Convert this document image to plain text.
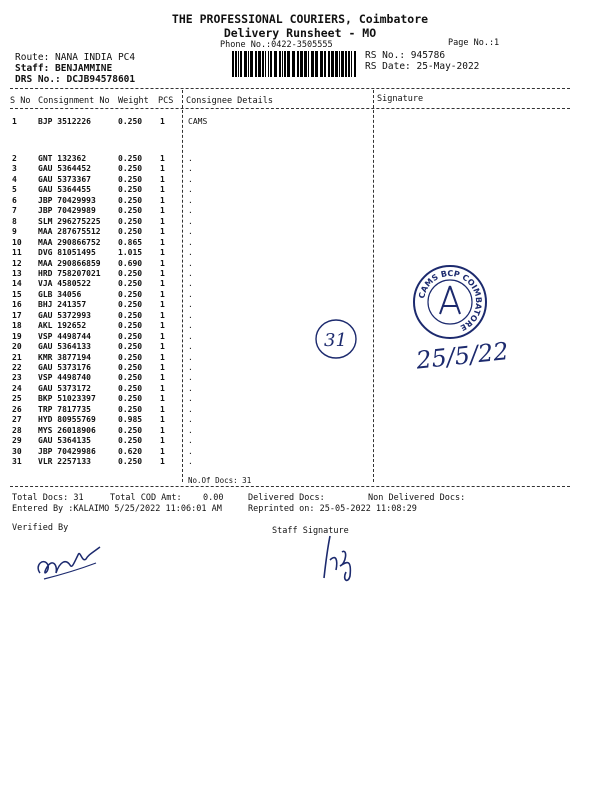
THE PROFESSIONAL COURIERS, Coimbatore
Delivery Runsheet - MO
Phone No.:0422-3505555	Page No.:1
Route: NANA INDIA PC4
Staff: BENJAMMINE
DRS No.: DCJB94578601
RS No.: 945786
RS Date: 25-May-2022
S No Consignment No Weight PCS Consignee Details	Signature
1	BJP 3512226	0.250 1	CAMS
2	GNT 132362	0.250 1	.
3	GAU 5364452	0.250 1	.
4	GAU 5373367	0.250 1	.
5	GAU 5364455	0.250 1	.
6	JBP 70429993	0.250 1	.
7	JBP 70429989	0.250 1	.
8	SLM 296275225 0.250 1	.
9	MAA 287675512 0.250 1	.
10 MAA 290866752 0.865 1	.
11 DVG 81051495	1.015 1	.
12 MAA 290866859 0.690 1	.
13 HRD 758207021 0.250 1	.
14 VJA 4580522	0.250 1	.
15 GLB 34056	0.250 1	.
16 BHJ 241357	0.250 1	.
17 GAU 5372993	0.250 1	.
18 AKL 192652	0.250 1	.
19 VSP 4498744	0.250 1	.
20 GAU 5364133	0.250 1	.
21 KMR 3877194	0.250 1	.
22 GAU 5373176	0.250 1	.
23 VSP 4498740	0.250 1	.
24 GAU 5373172	0.250 1	.
25 BKP 51023397	0.250 1	.
26 TRP 7817735	0.250 1	.
27 HYD 80955769	0.985 1	.
28 MYS 26018906	0.250 1	.
29 GAU 5364135	0.250 1	.
30 JBP 70429986	0.620 1	.
31 VLR 2257133	0.250 1	.
No.Of Docs: 31
Total Docs: 31	Total COD Amt:	0.00	Delivered Docs:	Non Delivered Docs:
Entered By :KALAIMO 5/25/2022 11:06:01 AM	Reprinted on: 25-05-2022 11:08:29
Verified By	Staff Signature
CAMS BCP COIMBATORE
31	25/5/22
